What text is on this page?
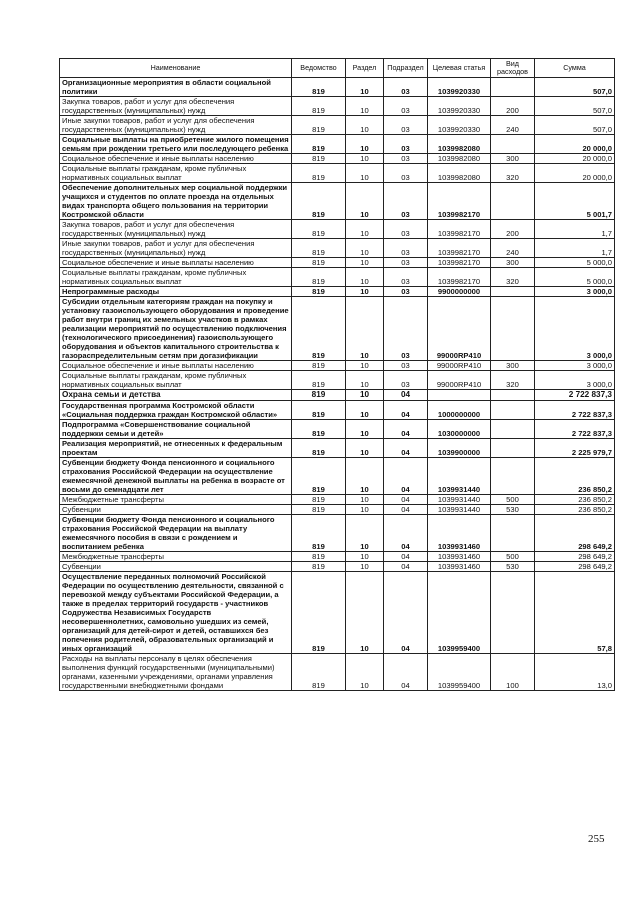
Наименование	Ведомство	Раздел	Подраздел	Целевая статья	Вид расходов	Сумма
Организационные мероприятия в области социальной политики	819	10	03	1039920330		507,0
Закупка товаров, работ и услуг для обеспечения государственных (муниципальных) нужд	819	10	03	1039920330	200	507,0
Иные закупки товаров, работ и услуг для обеспечения государственных (муниципальных) нужд	819	10	03	1039920330	240	507,0
Социальные выплаты на приобретение жилого помещения семьям при рождении третьего или последующего ребенка	819	10	03	1039982080		20 000,0
Социальное обеспечение и иные выплаты населению	819	10	03	1039982080	300	20 000,0
Социальные выплаты гражданам, кроме публичных нормативных социальных выплат	819	10	03	1039982080	320	20 000,0
Обеспечение дополнительных мер социальной поддержки учащихся и студентов по оплате проезда на отдельных видах транспорта общего пользования на территории Костромской области	819	10	03	1039982170		5 001,7
Закупка товаров, работ и услуг для обеспечения государственных (муниципальных) нужд	819	10	03	1039982170	200	1,7
Иные закупки товаров, работ и услуг для обеспечения государственных (муниципальных) нужд	819	10	03	1039982170	240	1,7
Социальное обеспечение и иные выплаты населению	819	10	03	1039982170	300	5 000,0
Социальные выплаты гражданам, кроме публичных нормативных социальных выплат	819	10	03	1039982170	320	5 000,0
Непрограммные расходы	819	10	03	9900000000		3 000,0
Субсидии отдельным категориям граждан на покупку и установку газоиспользующего оборудования и проведение работ внутри границ их земельных участков в рамках реализации мероприятий по осуществлению подключения (технологического присоединения) газоиспользующего оборудования и объектов капитального строительства к газораспределительным сетям при догазификации	819	10	03	99000RP410		3 000,0
Социальное обеспечение и иные выплаты населению	819	10	03	99000RP410	300	3 000,0
Социальные выплаты гражданам, кроме публичных нормативных социальных выплат	819	10	03	99000RP410	320	3 000,0
Охрана семьи и детства	819	10	04			2 722 837,3
Государственная программа Костромской области «Социальная поддержка граждан Костромской области»	819	10	04	1000000000		2 722 837,3
Подпрограмма «Совершенствование социальной поддержки семьи и детей»	819	10	04	1030000000		2 722 837,3
Реализация мероприятий, не отнесенных к федеральным проектам	819	10	04	1039900000		2 225 979,7
Субвенции бюджету Фонда пенсионного и социального страхования Российской Федерации на осуществление ежемесячной денежной выплаты на ребенка в возрасте от восьми до семнадцати лет	819	10	04	1039931440		236 850,2
Межбюджетные трансферты	819	10	04	1039931440	500	236 850,2
Субвенции	819	10	04	1039931440	530	236 850,2
Субвенции бюджету Фонда пенсионного и социального страхования Российской Федерации на выплату ежемесячного пособия в связи с рождением и воспитанием ребенка	819	10	04	1039931460		298 649,2
Межбюджетные трансферты	819	10	04	1039931460	500	298 649,2
Субвенции	819	10	04	1039931460	530	298 649,2
Осуществление переданных полномочий Российской Федерации по осуществлению деятельности, связанной с перевозкой между субъектами Российской Федерации, а также в пределах территорий государств - участников Содружества Независимых Государств несовершеннолетних, самовольно ушедших из семей, организаций для детей-сирот и детей, оставшихся без попечения родителей, образовательных организаций и иных организаций	819	10	04	1039959400		57,8
Расходы на выплаты персоналу в целях обеспечения выполнения функций государственными (муниципальными) органами, казенными учреждениями, органами управления государственными внебюджетными фондами	819	10	04	1039959400	100	13,0
255
